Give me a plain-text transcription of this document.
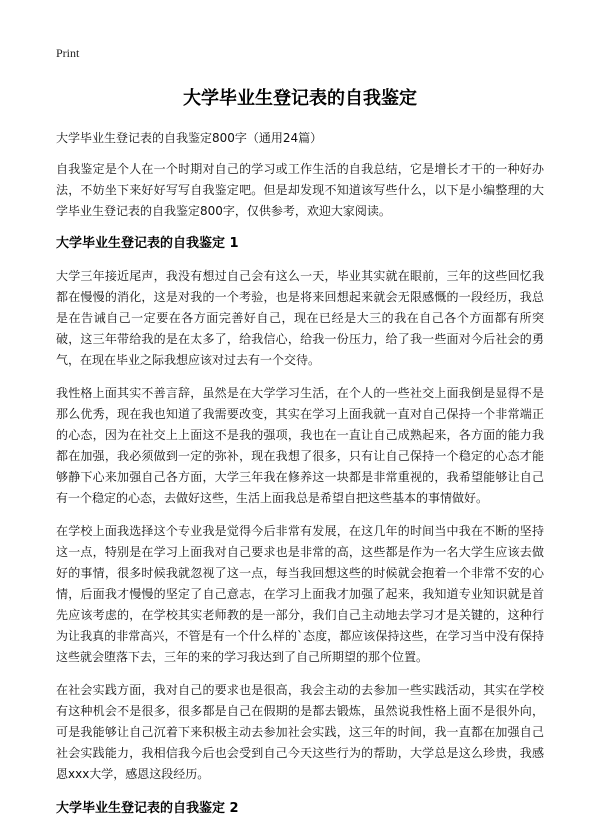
Print
大学毕业生登记表的自我鉴定

大学毕业生登记表的自我鉴定800字（通用24篇）

自我鉴定是个人在一个时期对自己的学习或工作生活的自我总结，它是增长才干的一种好办法，不妨坐下来好好写写自我鉴定吧。但是却发现不知道该写些什么，以下是小编整理的大学毕业生登记表的自我鉴定800字，仅供参考，欢迎大家阅读。

大学毕业生登记表的自我鉴定 1

大学三年接近尾声，我没有想过自己会有这么一天，毕业其实就在眼前，三年的这些回忆我都在慢慢的消化，这是对我的一个考验，也是将来回想起来就会无限感慨的一段经历，我总是在告诫自己一定要在各方面完善好自己，现在已经是大三的我在自己各个方面都有所突破，这三年带给我的是在太多了，给我信心，给我一份压力，给了我一些面对今后社会的勇气，在现在毕业之际我想应该对过去有一个交待。

我性格上面其实不善言辞，虽然是在大学学习生活，在个人的一些社交上面我倒是显得不是那么优秀，现在我也知道了我需要改变，其实在学习上面我就一直对自己保持一个非常端正的心态，因为在社交上上面这不是我的强项，我也在一直让自己成熟起来，各方面的能力我都在加强，我必须做到一定的弥补，现在我想了很多，只有让自己保持一个稳定的心态才能够静下心来加强自己各方面，大学三年我在修养这一块都是非常重视的，我希望能够让自己有一个稳定的心态，去做好这些，生活上面我总是希望自把这些基本的事情做好。

在学校上面我选择这个专业我是觉得今后非常有发展，在这几年的时间当中我在不断的坚持这一点，特别是在学习上面我对自己要求也是非常的高，这些都是作为一名大学生应该去做好的事情，很多时候我就忽视了这一点，每当我回想这些的时候就会抱着一个非常不安的心情，后面我才慢慢的坚定了自己意志，在学习上面我才加强了起来，我知道专业知识就是首先应该考虑的，在学校其实老师教的是一部分，我们自己主动地去学习才是关键的，这种行为让我真的非常高兴，不管是有一个什么样的`态度，都应该保持这些，在学习当中没有保持这些就会堕落下去，三年的来的学习我达到了自己所期望的那个位置。

在社会实践方面，我对自己的要求也是很高，我会主动的去参加一些实践活动，其实在学校有这种机会不是很多，很多都是自己在假期的是都去锻炼，虽然说我性格上面不是很外向，可是我能够让自己沉着下来积极主动去参加社会实践，这三年的时间，我一直都在加强自己社会实践能力，我相信我今后也会受到自己今天这些行为的帮助，大学总是这么珍贵，我感恩xxx大学，感恩这段经历。

大学毕业生登记表的自我鉴定 2
